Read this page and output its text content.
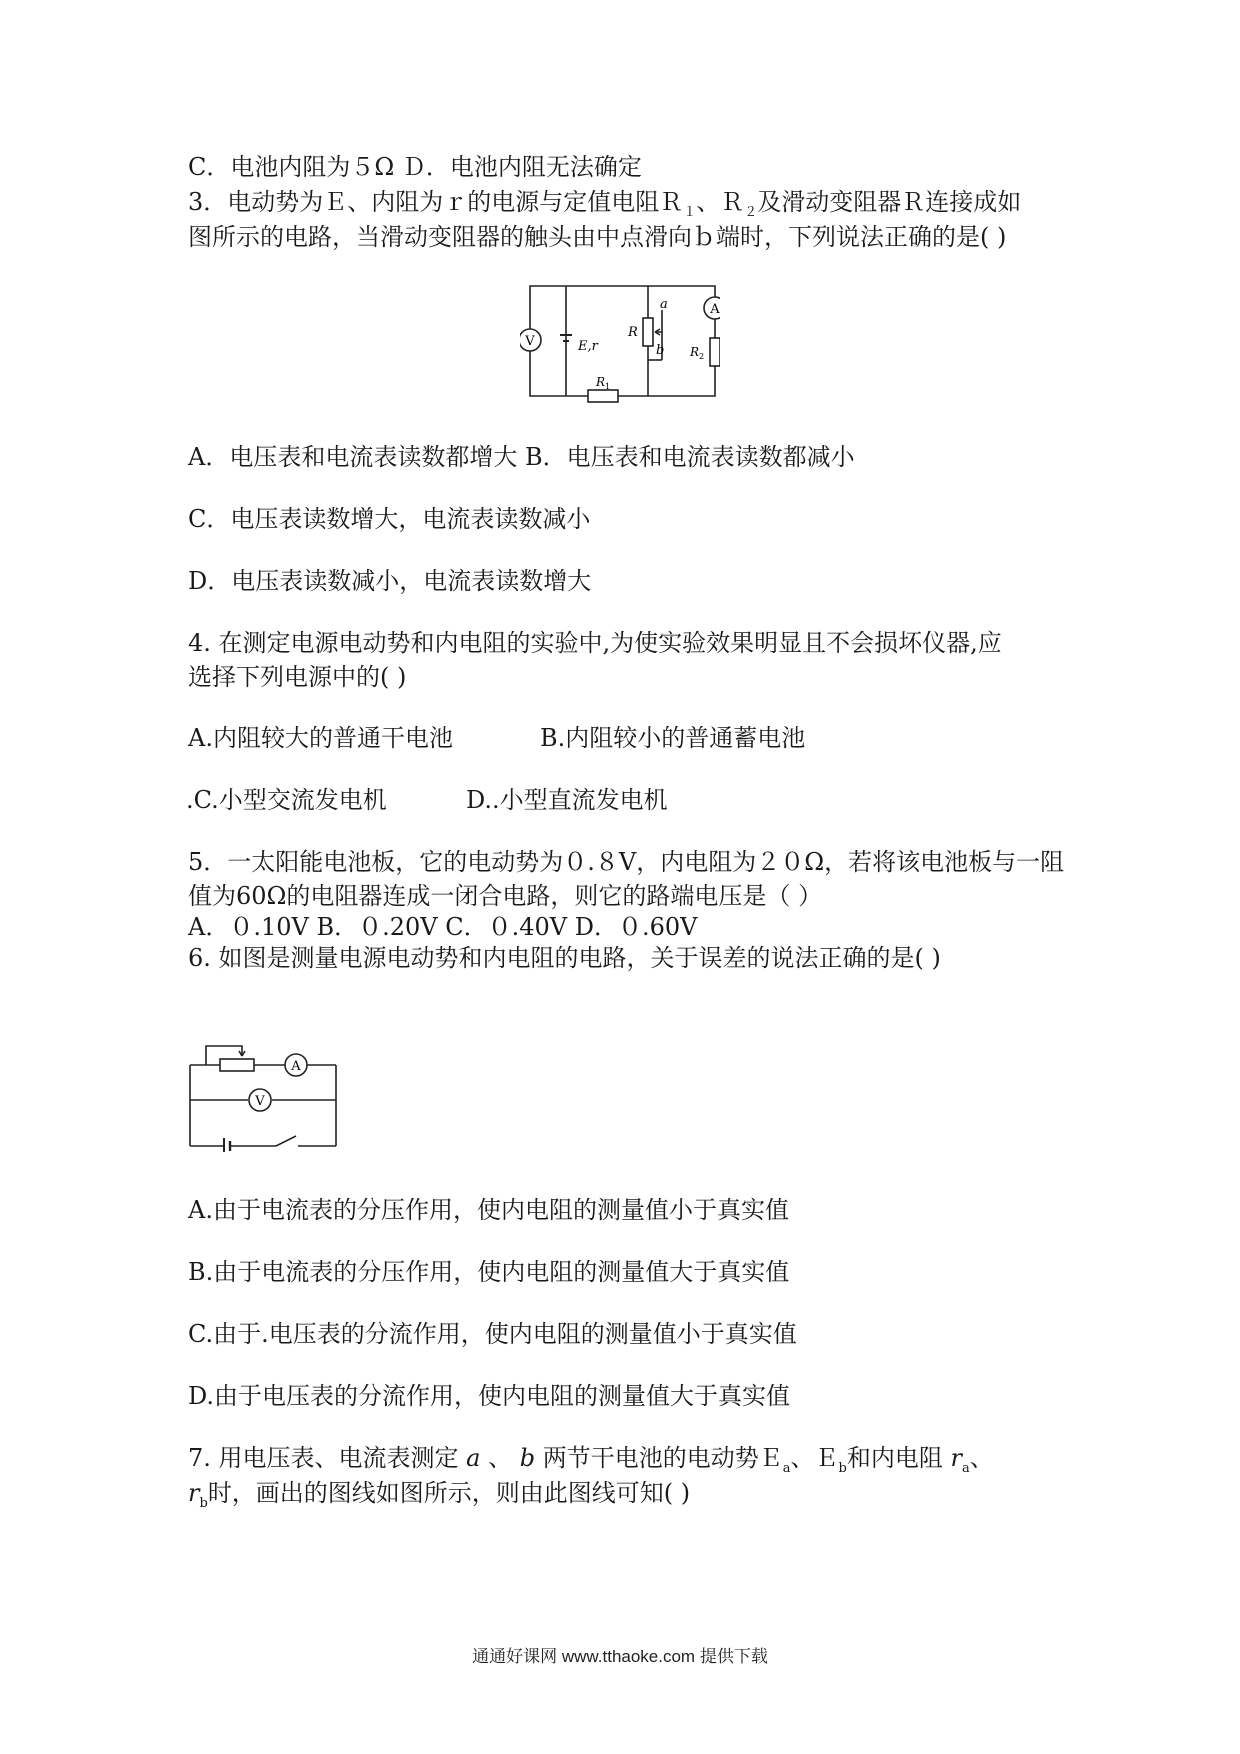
C．电池内阻为５Ω Ｄ．电池内阻无法确定
3．电动势为Ｅ、内阻为ｒ的电源与定值电阻Ｒ$_1$、Ｒ$_2$及滑动变阻器Ｒ连接成如
图所示的电路，当滑动变阻器的触头由中点滑向ｂ端时，下列说法正确的是( )
V
A
E,r
R
a
b
R 1
R 2
A．电压表和电流表读数都增大 B．电压表和电流表读数都减小
C．电压表读数增大，电流表读数减小
D．电压表读数减小，电流表读数增大
4. 在测定电源电动势和内电阻的实验中,为使实验效果明显且不会损坏仪器,应
选择下列电源中的( )
A.内阻较大的普通干电池	B.内阻较小的普通蓄电池
.C.小型交流发电机	D..小型直流发电机
5．一太阳能电池板，它的电动势为０.８V，内电阻为２０Ω，若将该电池板与一阻
值为60Ω的电阻器连成一闭合电路，则它的路端电压是（ ）
A．０.10V B．０.20V C．０.40V D．０.60V
6. 如图是测量电源电动势和内电阻的电路，关于误差的说法正确的是( )
A
V
A.由于电流表的分压作用，使内电阻的测量值小于真实值
B.由于电流表的分压作用，使内电阻的测量值大于真实值
C.由于.电压表的分流作用，使内电阻的测量值小于真实值
D.由于电压表的分流作用，使内电阻的测量值大于真实值
7. 用电压表、电流表测定 a 、 b 两节干电池的电动势Ｅ$_a$、Ｅ$_b$和内电阻 $r_a$、
$r_b$时，画出的图线如图所示，则由此图线可知( )
通通好课网 www.tthaoke.com 提供下载
